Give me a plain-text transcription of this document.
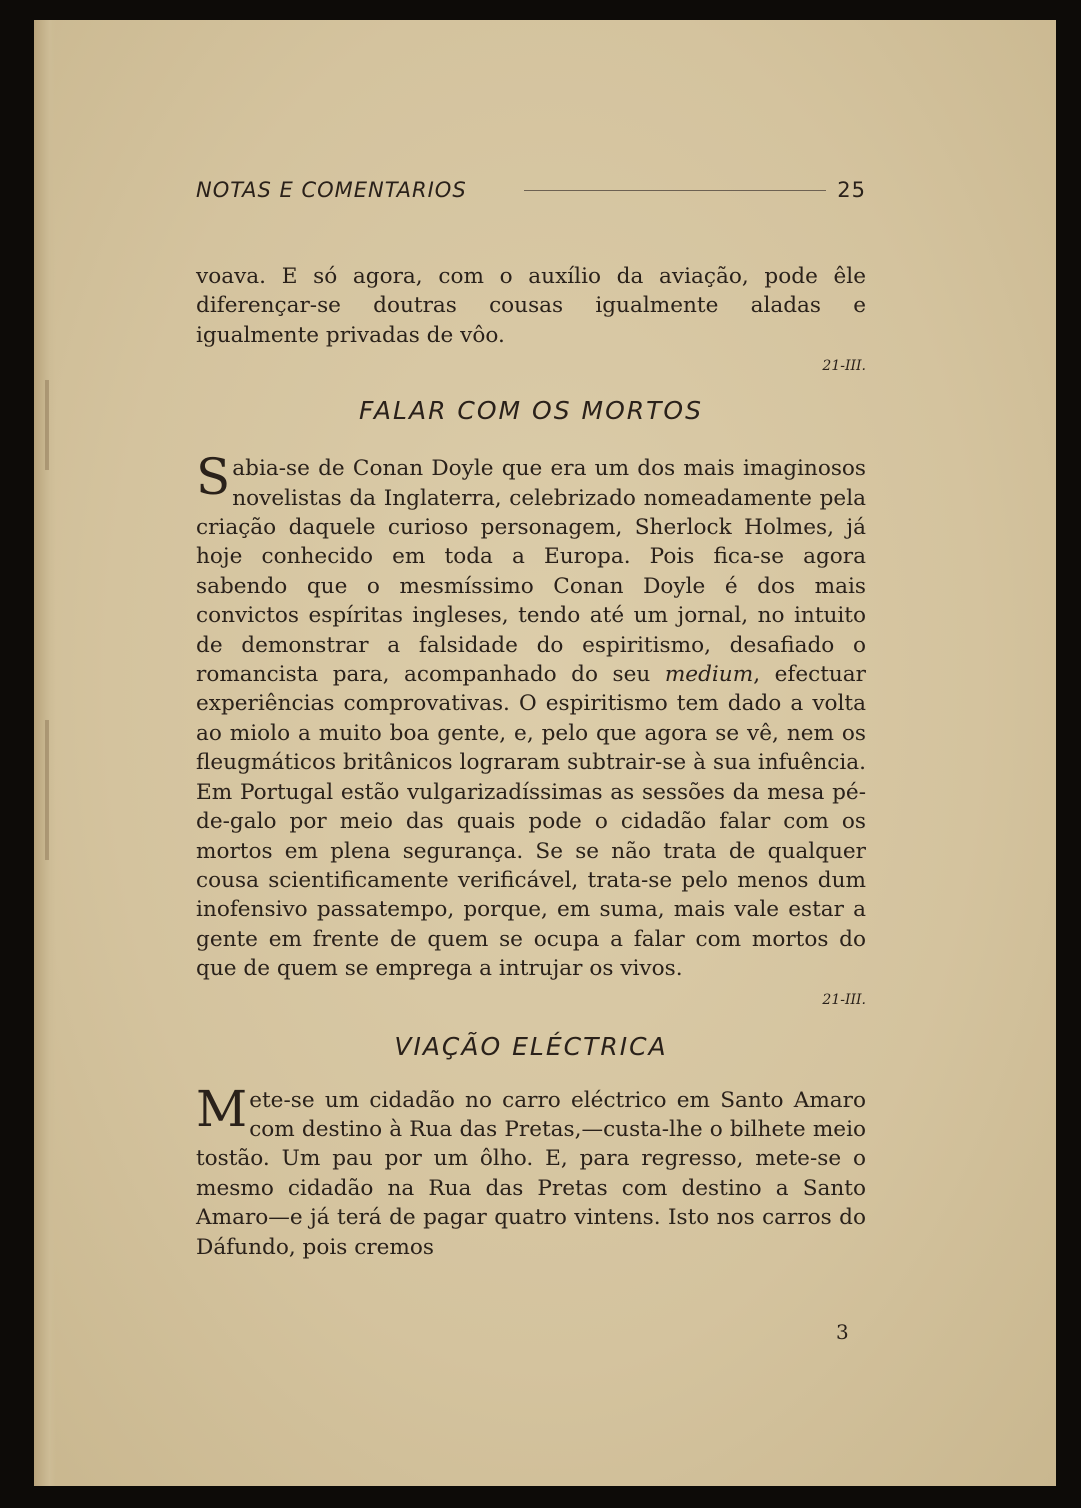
NOTAS E COMENTARIOS	25

voava. E só agora, com o auxílio da aviação, pode êle diferençar-se doutras cousas igualmente aladas e igualmente privadas de vôo.

21-III.
FALAR COM OS MORTOS

Sabia-se de Conan Doyle que era um dos mais imaginosos novelistas da Inglaterra, celebrizado nomeadamente pela criação daquele curioso personagem, Sherlock Holmes, já hoje conhecido em toda a Europa. Pois fica-se agora sabendo que o mesmíssimo Conan Doyle é dos mais convictos espíritas ingleses, tendo até um jornal, no intuito de demonstrar a falsidade do espiritismo, desafiado o romancista para, acompanhado do seu medium, efectuar experiências comprovativas. O espiritismo tem dado a volta ao miolo a muito boa gente, e, pelo que agora se vê, nem os fleugmáticos britânicos lograram subtrair-se à sua infuência. Em Portugal estão vulgarizadíssimas as sessões da mesa pé-de-galo por meio das quais pode o cidadão falar com os mortos em plena segurança. Se se não trata de qualquer cousa scientificamente verificável, trata-se pelo menos dum inofensivo passatempo, porque, em suma, mais vale estar a gente em frente de quem se ocupa a falar com mortos do que de quem se emprega a intrujar os vivos.

21-III.
VIAÇÃO ELÉCTRICA

Mete-se um cidadão no carro eléctrico em Santo Amaro com destino à Rua das Pretas,—custa-lhe o bilhete meio tostão. Um pau por um ôlho. E, para regresso, mete-se o mesmo cidadão na Rua das Pretas com destino a Santo Amaro—e já terá de pagar quatro vintens. Isto nos carros do Dáfundo, pois cremos

3
